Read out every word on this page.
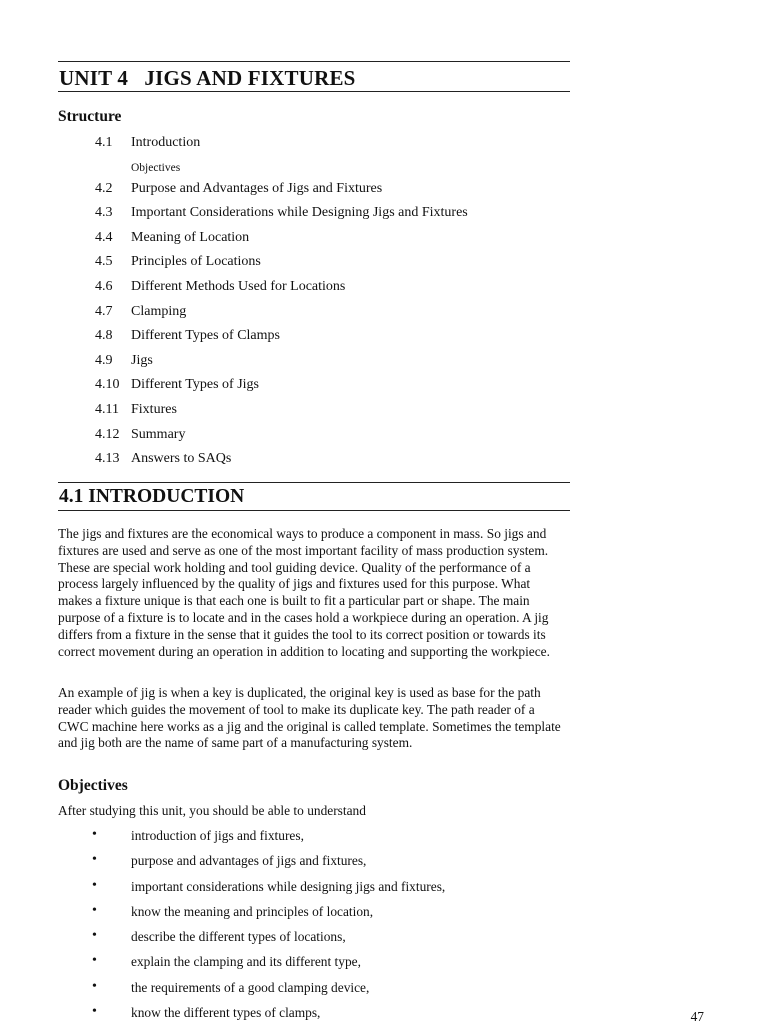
UNIT 4   JIGS AND FIXTURES
Structure
4.1 Introduction
Objectives
4.2 Purpose and Advantages of Jigs and Fixtures
4.3 Important Considerations while Designing Jigs and Fixtures
4.4 Meaning of Location
4.5 Principles of Locations
4.6 Different Methods Used for Locations
4.7 Clamping
4.8 Different Types of Clamps
4.9 Jigs
4.10 Different Types of Jigs
4.11 Fixtures
4.12 Summary
4.13 Answers to SAQs
4.1 INTRODUCTION

The jigs and fixtures are the economical ways to produce a component in mass. So jigs and fixtures are used and serve as one of the most important facility of mass production system. These are special work holding and tool guiding device. Quality of the performance of a process largely influenced by the quality of jigs and fixtures used for this purpose. What makes a fixture unique is that each one is built to fit a particular part or shape. The main purpose of a fixture is to locate and in the cases hold a workpiece during an operation. A jig differs from a fixture in the sense that it guides the tool to its correct position or towards its correct movement during an operation in addition to locating and supporting the workpiece.

An example of jig is when a key is duplicated, the original key is used as base for the path reader which guides the movement of tool to make its duplicate key. The path reader of a CWC machine here works as a jig and the original is called template. Sometimes the template and jig both are the name of same part of a manufacturing system.

Objectives
After studying this unit, you should be able to understand
•	introduction of jigs and fixtures,
•	purpose and advantages of jigs and fixtures,
•	important considerations while designing jigs and fixtures,
•	know the meaning and principles of location,
•	describe the different types of locations,
•	explain the clamping and its different type,
•	the requirements of a good clamping device,
•	know the different types of clamps,	47
